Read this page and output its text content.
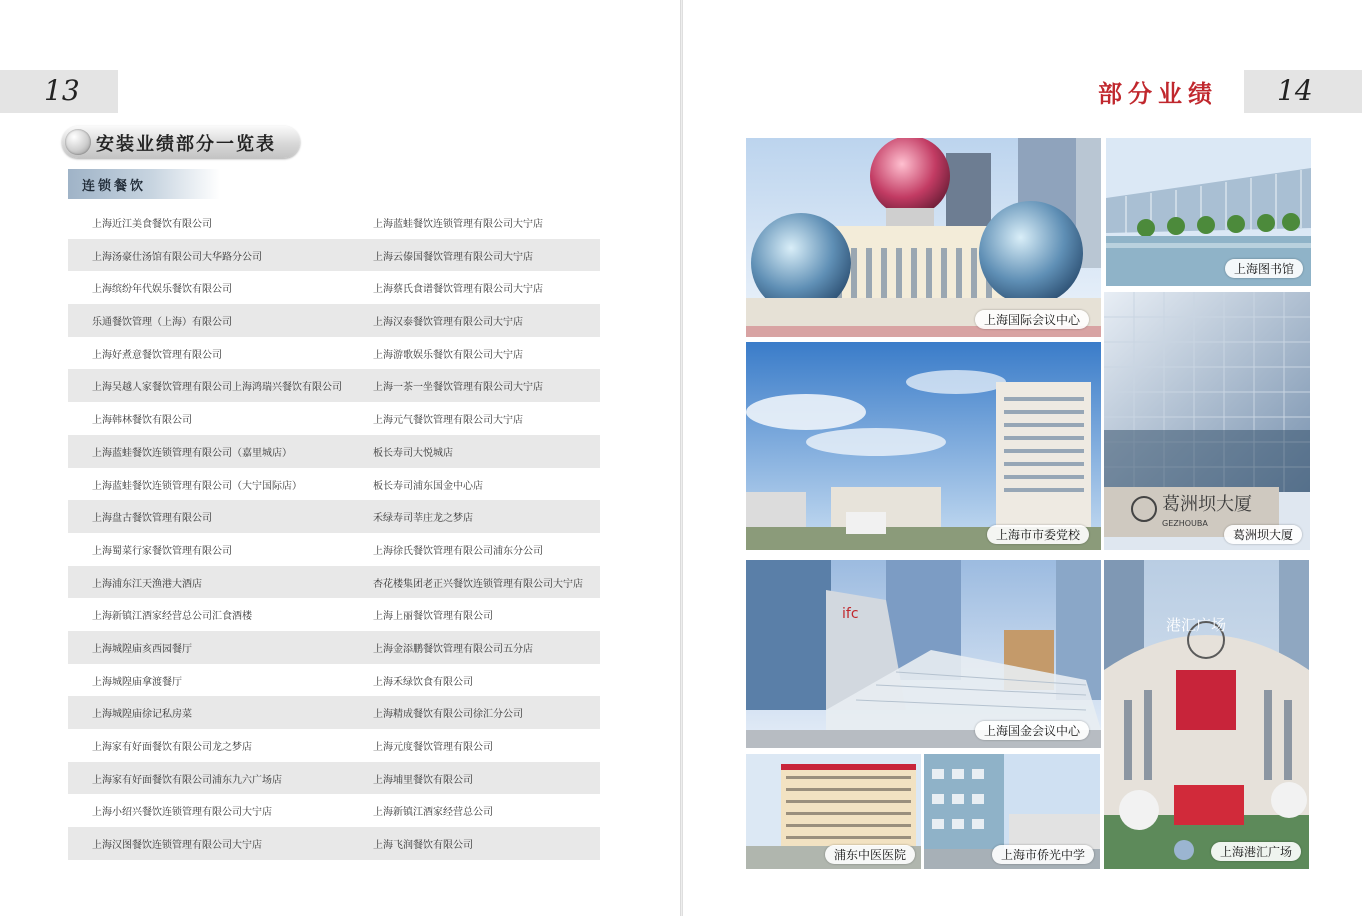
13
安装业绩部分一览表
连锁餐饮
上海近江美食餐饮有限公司	上海蓝蛙餐饮连锁管理有限公司大宁店
上海汤豪仕汤馆有限公司大华路分公司	上海云傣国餐饮管理有限公司大宁店
上海缤纷年代娱乐餐饮有限公司	上海蔡氏食谱餐饮管理有限公司大宁店
乐通餐饮管理（上海）有限公司	上海汉泰餐饮管理有限公司大宁店
上海好煮意餐饮管理有限公司	上海游歌娱乐餐饮有限公司大宁店
上海吴越人家餐饮管理有限公司上海鸿瑞兴餐饮有限公司	上海一茶一坐餐饮管理有限公司大宁店
上海韩林餐饮有限公司	上海元气餐饮管理有限公司大宁店
上海蓝蛙餐饮连锁管理有限公司（嘉里城店）	板长寿司大悦城店
上海蓝蛙餐饮连锁管理有限公司（大宁国际店）	板长寿司浦东国金中心店
上海盘古餐饮管理有限公司	禾绿寿司莘庄龙之梦店
上海蜀菜行家餐饮管理有限公司	上海徐氏餐饮管理有限公司浦东分公司
上海浦东江天渔港大酒店	杏花楼集团老正兴餐饮连锁管理有限公司大宁店
上海新镇江酒家经营总公司汇食酒楼	上海上丽餐饮管理有限公司
上海城隍庙亥西园餐厅	上海金添鹏餐饮管理有限公司五分店
上海城隍庙拿渡餐厅	上海禾绿饮食有限公司
上海城隍庙徐记私房菜	上海精成餐饮有限公司徐汇分公司
上海家有好面餐饮有限公司龙之梦店	上海元度餐饮管理有限公司
上海家有好面餐饮有限公司浦东九六广场店	上海埔里餐饮有限公司
上海小绍兴餐饮连锁管理有限公司大宁店	上海新镇江酒家经营总公司
上海汉图餐饮连锁管理有限公司大宁店	上海飞润餐饮有限公司
部分业绩 14
上海国际会议中心
上海图书馆
上海市市委党校
葛洲坝大厦
GEZHOUBA
葛洲坝大厦
ifc
上海国金会议中心
港汇广场
上海港汇广场
浦东中医医院	上海市侨光中学
